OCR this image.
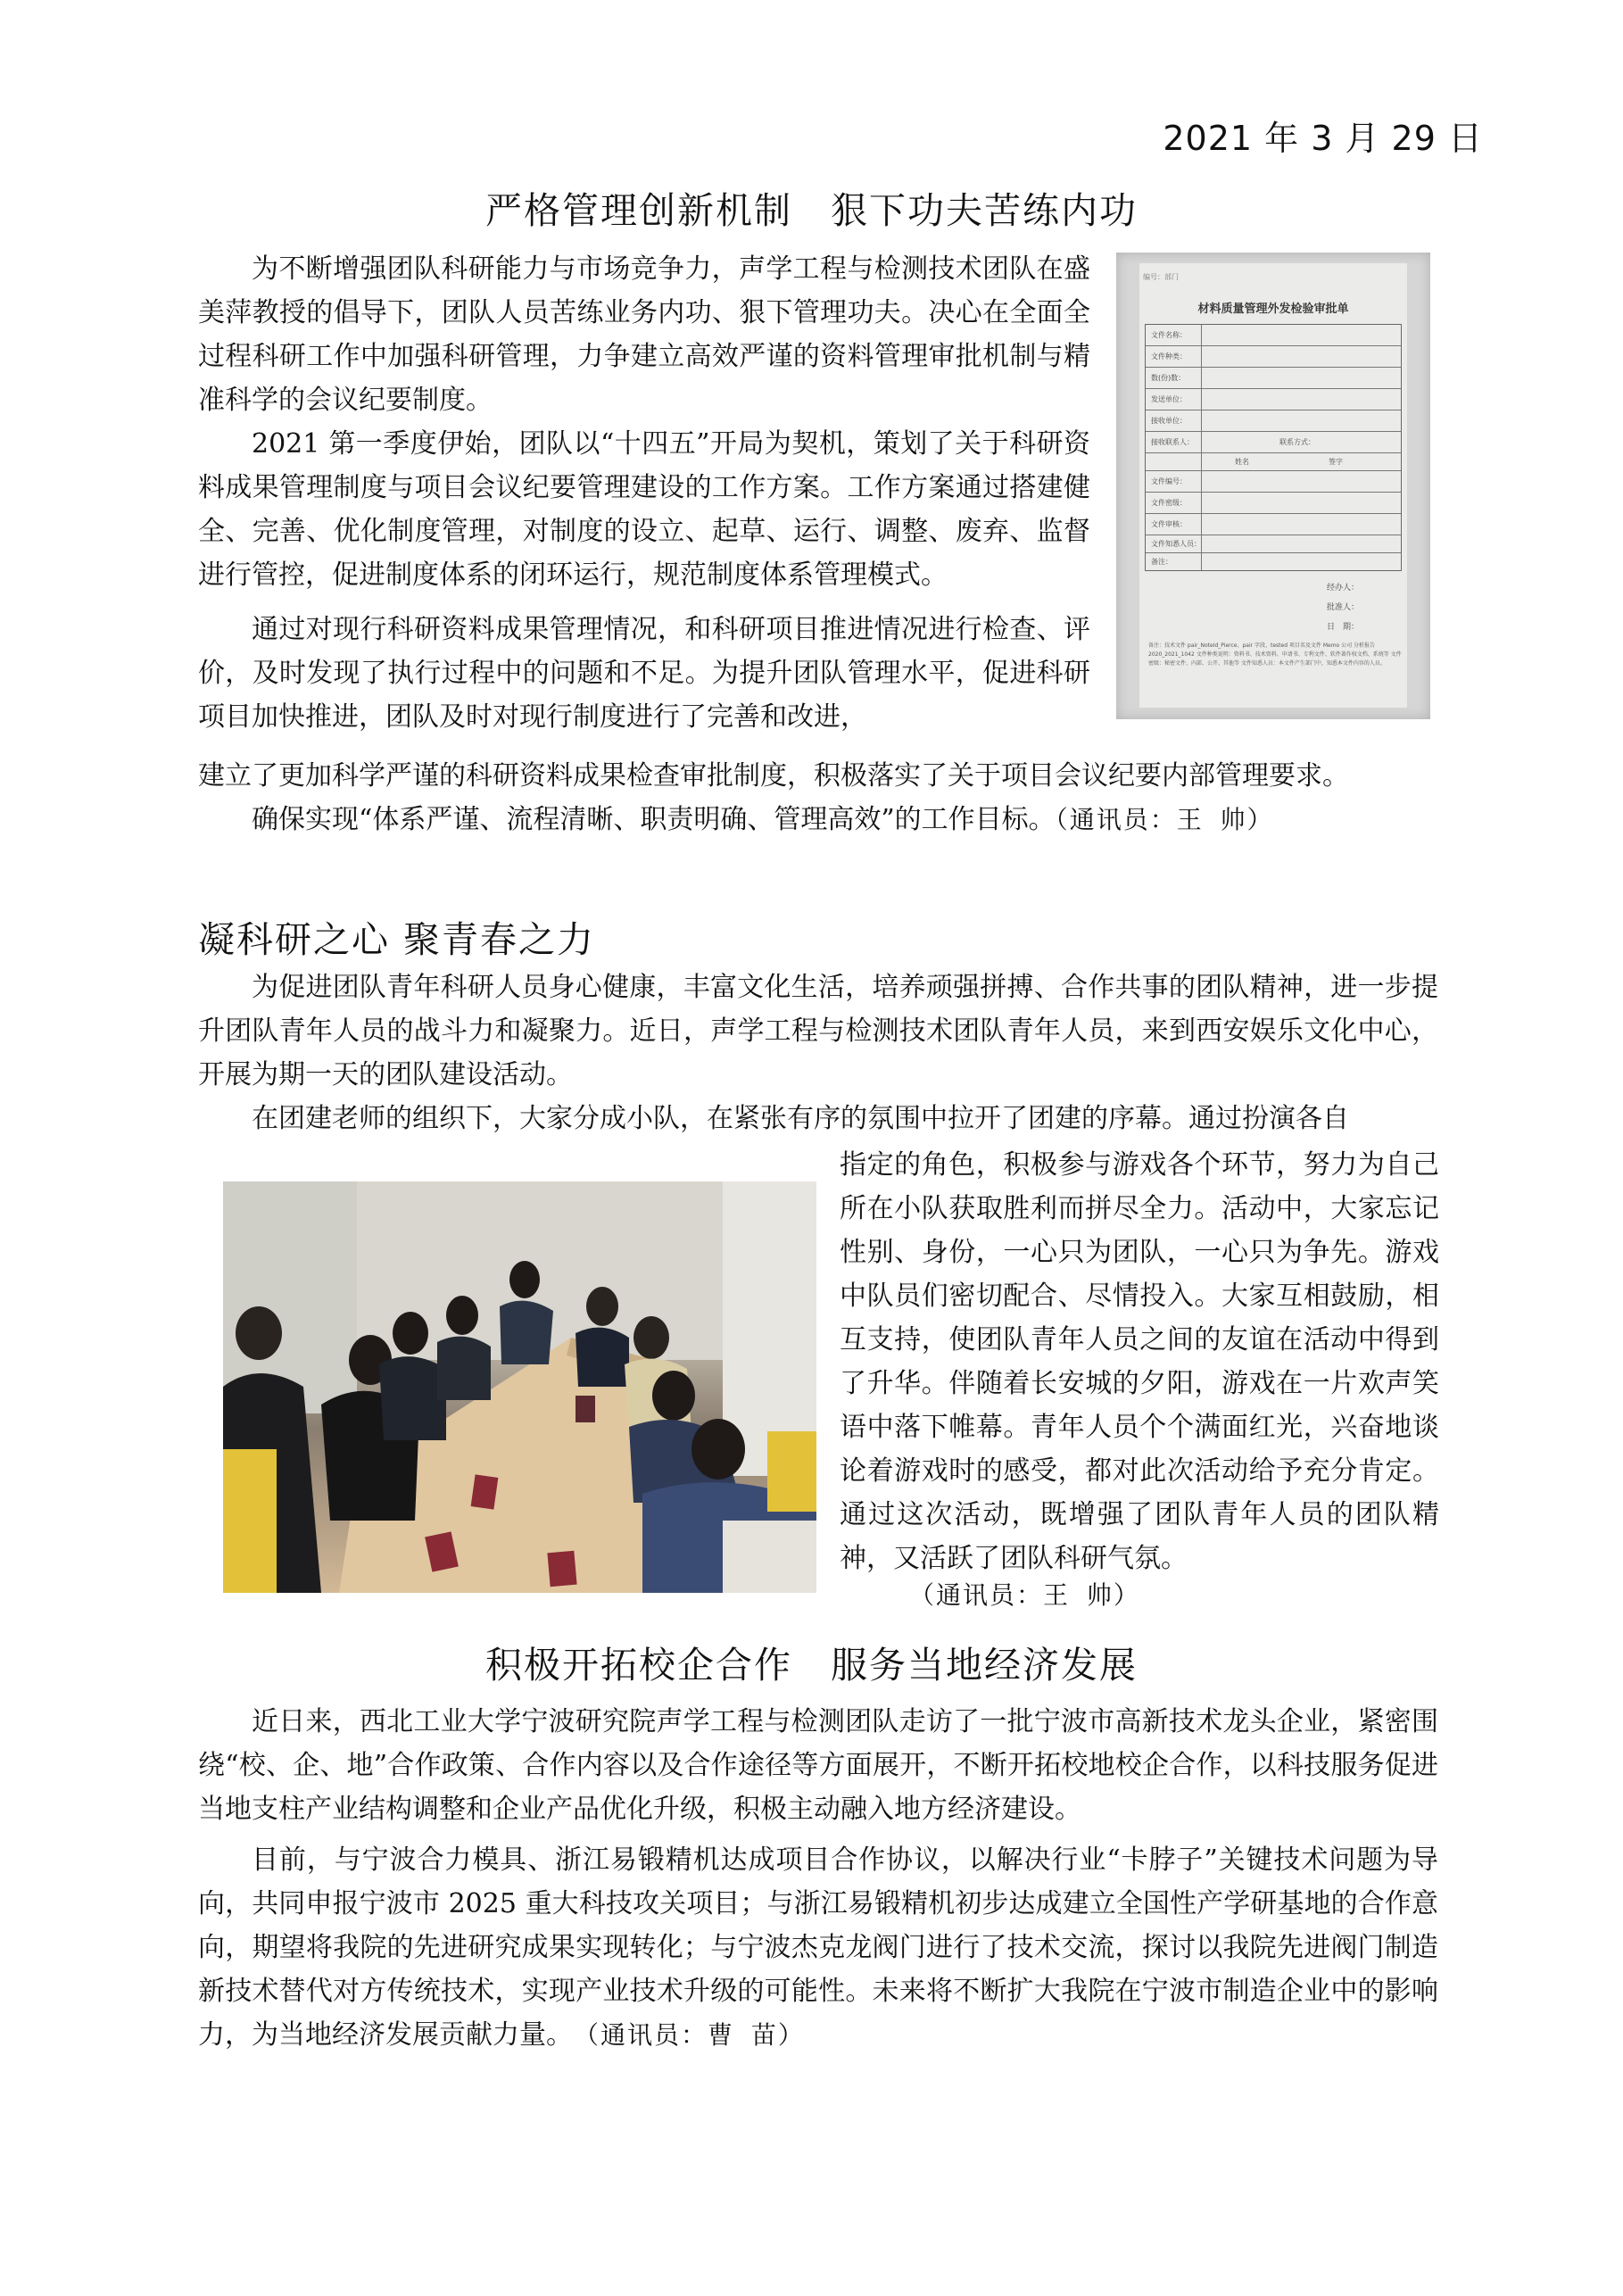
2021 年 3 月 29 日
严格管理创新机制　狠下功夫苦练内功

为不断增强团队科研能力与市场竞争力，声学工程与检测技术团队在盛美萍教授的倡导下，团队人员苦练业务内功、狠下管理功夫。决心在全面全过程科研工作中加强科研管理，力争建立高效严谨的资料管理审批机制与精准科学的会议纪要制度。

2021 第一季度伊始，团队以“十四五”开局为契机，策划了关于科研资料成果管理制度与项目会议纪要管理建设的工作方案。工作方案通过搭建健全、完善、优化制度管理，对制度的设立、起草、运行、调整、废弃、监督进行管控，促进制度体系的闭环运行，规范制度体系管理模式。

通过对现行科研资料成果管理情况，和科研项目推进情况进行检查、评价，及时发现了执行过程中的问题和不足。为提升团队管理水平，促进科研项目加快推进，团队及时对现行制度进行了完善和改进，

建立了更加科学严谨的科研资料成果检查审批制度，积极落实了关于项目会议纪要内部管理要求。

确保实现“体系严谨、流程清晰、职责明确、管理高效”的工作目标。（通讯员：王 帅）

编号：部门
材料质量管理外发检验审批单
文件名称：
文件种类：
数(份)数：
发送单位：
接收单位：
接收联系人：	联系方式：
姓名	签字
文件编号：
文件密级：
文件审核：
文件知悉人员：
备注：
经办人：
批准人：
日　期：
备注：技术文件 pair_NoteId_Pierce、pair 字段、tested 项目名及文件 Memo 公司 分析报告 2020_2021_1042 文件种类说明：资料书、技术资料、申请书、专利文件、软件著作权文档、系统等 文件密级：秘密文件、内部、公开、其他等 文件知悉人员：本文件产生部门中，知悉本文件内容的人员。
凝科研之心 聚青春之力

为促进团队青年科研人员身心健康，丰富文化生活，培养顽强拼搏、合作共事的团队精神，进一步提升团队青年人员的战斗力和凝聚力。近日，声学工程与检测技术团队青年人员，来到西安娱乐文化中心，开展为期一天的团队建设活动。

在团建老师的组织下，大家分成小队，在紧张有序的氛围中拉开了团建的序幕。通过扮演各自

指定的角色，积极参与游戏各个环节，努力为自己所在小队获取胜利而拼尽全力。活动中，大家忘记性别、身份，一心只为团队，一心只为争先。游戏中队员们密切配合、尽情投入。大家互相鼓励，相互支持，使团队青年人员之间的友谊在活动中得到了升华。伴随着长安城的夕阳，游戏在一片欢声笑语中落下帷幕。青年人员个个满面红光，兴奋地谈论着游戏时的感受，都对此次活动给予充分肯定。通过这次活动，既增强了团队青年人员的团队精神，又活跃了团队科研气氛。

（通讯员：王 帅）
积极开拓校企合作　服务当地经济发展

近日来，西北工业大学宁波研究院声学工程与检测团队走访了一批宁波市高新技术龙头企业，紧密围绕“校、企、地”合作政策、合作内容以及合作途径等方面展开，不断开拓校地校企合作，以科技服务促进当地支柱产业结构调整和企业产品优化升级，积极主动融入地方经济建设。

目前，与宁波合力模具、浙江易锻精机达成项目合作协议，以解决行业“卡脖子”关键技术问题为导向，共同申报宁波市 2025 重大科技攻关项目；与浙江易锻精机初步达成建立全国性产学研基地的合作意向，期望将我院的先进研究成果实现转化；与宁波杰克龙阀门进行了技术交流，探讨以我院先进阀门制造新技术替代对方传统技术，实现产业技术升级的可能性。未来将不断扩大我院在宁波市制造企业中的影响力，为当地经济发展贡献力量。　 （通讯员：曹 苗）
